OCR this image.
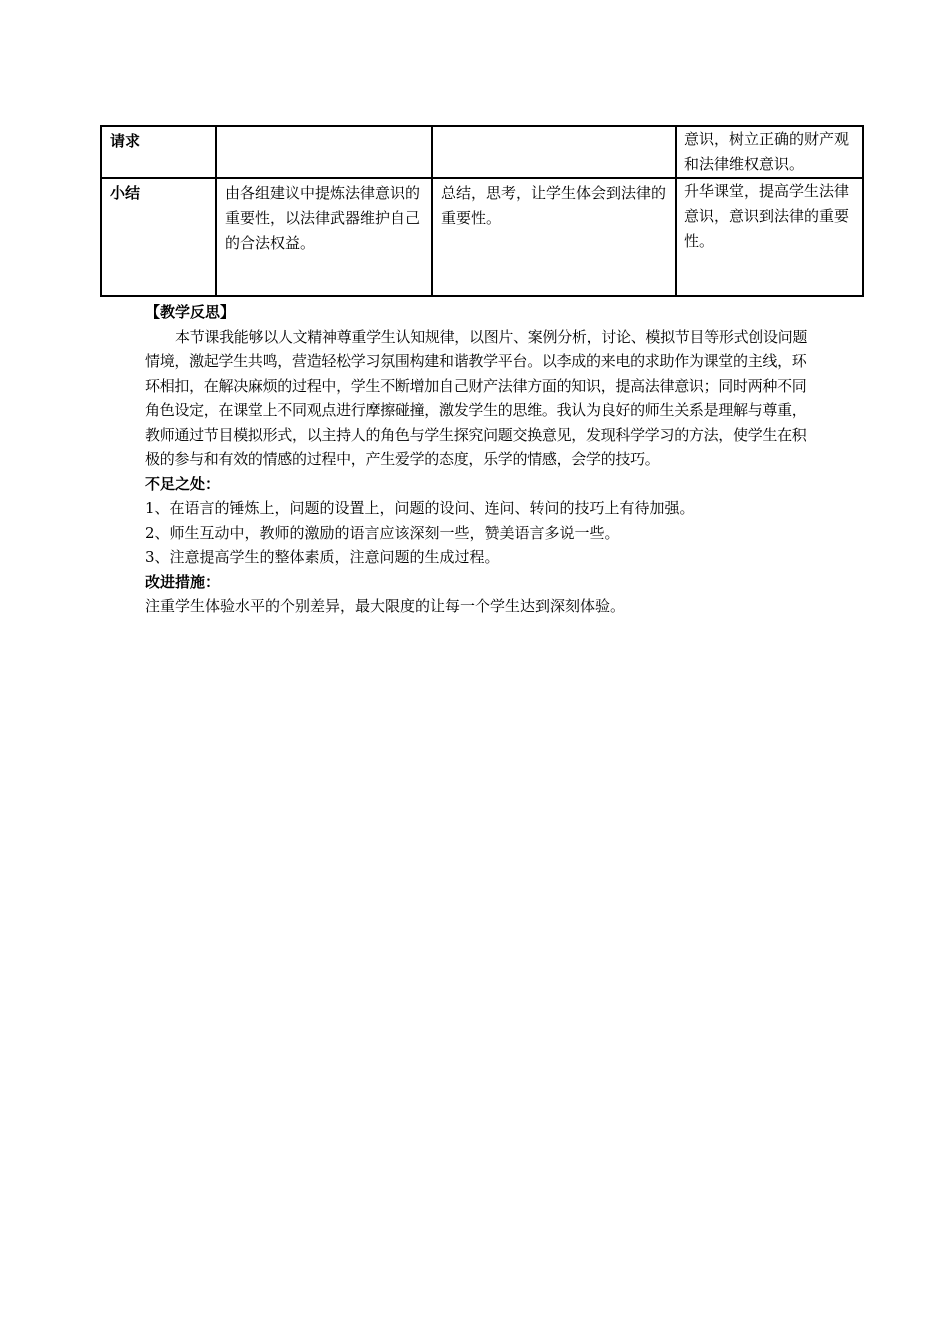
请求			意识，树立正确的财产观和法律维权意识。
小结	由各组建议中提炼法律意识的重要性，以法律武器维护自己的合法权益。	总结，思考，让学生体会到法律的重要性。	升华课堂，提高学生法律意识，意识到法律的重要性。
【教学反思】

本节课我能够以人文精神尊重学生认知规律，以图片、案例分析，讨论、模拟节目等形式创设问题情境，激起学生共鸣，营造轻松学习氛围构建和谐教学平台。以李成的来电的求助作为课堂的主线，环环相扣，在解决麻烦的过程中，学生不断增加自己财产法律方面的知识，提高法律意识；同时两种不同角色设定，在课堂上不同观点进行摩擦碰撞，激发学生的思维。我认为良好的师生关系是理解与尊重，教师通过节目模拟形式，以主持人的角色与学生探究问题交换意见，发现科学学习的方法，使学生在积极的参与和有效的情感的过程中，产生爱学的态度，乐学的情感，会学的技巧。

不足之处：

1、在语言的锤炼上，问题的设置上，问题的设问、连问、转问的技巧上有待加强。

2、师生互动中，教师的激励的语言应该深刻一些，赞美语言多说一些。

3、注意提高学生的整体素质，注意问题的生成过程。

改进措施：

注重学生体验水平的个别差异，最大限度的让每一个学生达到深刻体验。
